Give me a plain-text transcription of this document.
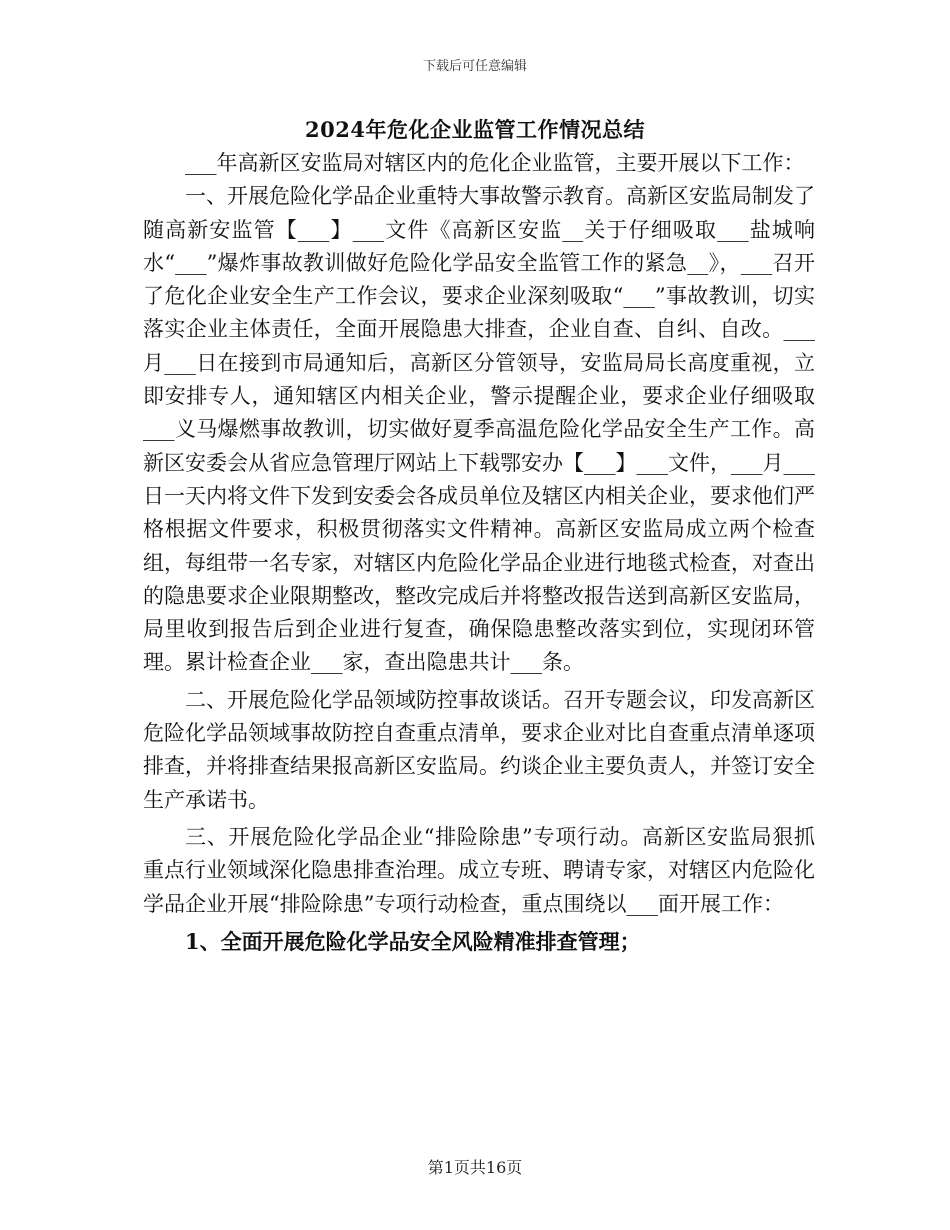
下载后可任意编辑
2024年危化企业监管工作情况总结

___年高新区安监局对辖区内的危化企业监管，主要开展以下工作：

一、开展危险化学品企业重特大事故警示教育。高新区安监局制发了随高新安监管【___】___文件《高新区安监__关于仔细吸取___盐城响水“___”爆炸事故教训做好危险化学品安全监管工作的紧急__》，___召开了危化企业安全生产工作会议，要求企业深刻吸取“___”事故教训，切实落实企业主体责任，全面开展隐患大排查，企业自查、自纠、自改。___月___日在接到市局通知后，高新区分管领导，安监局局长高度重视，立即安排专人，通知辖区内相关企业，警示提醒企业，要求企业仔细吸取___义马爆燃事故教训，切实做好夏季高温危险化学品安全生产工作。高新区安委会从省应急管理厅网站上下载鄂安办【___】___文件，___月___日一天内将文件下发到安委会各成员单位及辖区内相关企业，要求他们严格根据文件要求，积极贯彻落实文件精神。高新区安监局成立两个检查组，每组带一名专家，对辖区内危险化学品企业进行地毯式检查，对查出的隐患要求企业限期整改，整改完成后并将整改报告送到高新区安监局，局里收到报告后到企业进行复查，确保隐患整改落实到位，实现闭环管理。累计检查企业___家，查出隐患共计___条。

二、开展危险化学品领域防控事故谈话。召开专题会议，印发高新区危险化学品领域事故防控自查重点清单，要求企业对比自查重点清单逐项排查，并将排查结果报高新区安监局。约谈企业主要负责人，并签订安全生产承诺书。

三、开展危险化学品企业“排险除患”专项行动。高新区安监局狠抓重点行业领域深化隐患排查治理。成立专班、聘请专家，对辖区内危险化学品企业开展“排险除患”专项行动检查，重点围绕以___面开展工作：

1、全面开展危险化学品安全风险精准排查管理；

第1页共16页
